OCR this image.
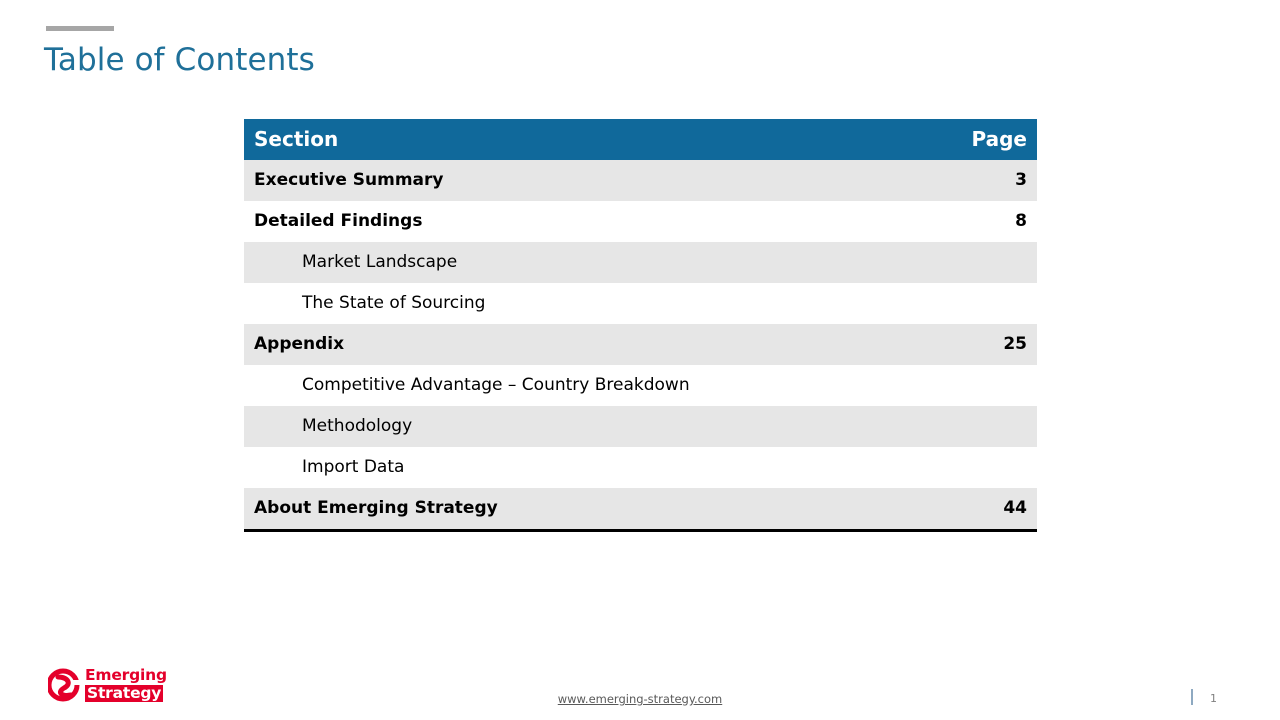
Table of Contents
Section	Page
Executive Summary	3
Detailed Findings	8
Market Landscape	
The State of Sourcing	
Appendix	25
Competitive Advantage – Country Breakdown	
Methodology	
Import Data	
About Emerging Strategy	44
Emerging
Strategy	www.emerging-strategy.com	1
